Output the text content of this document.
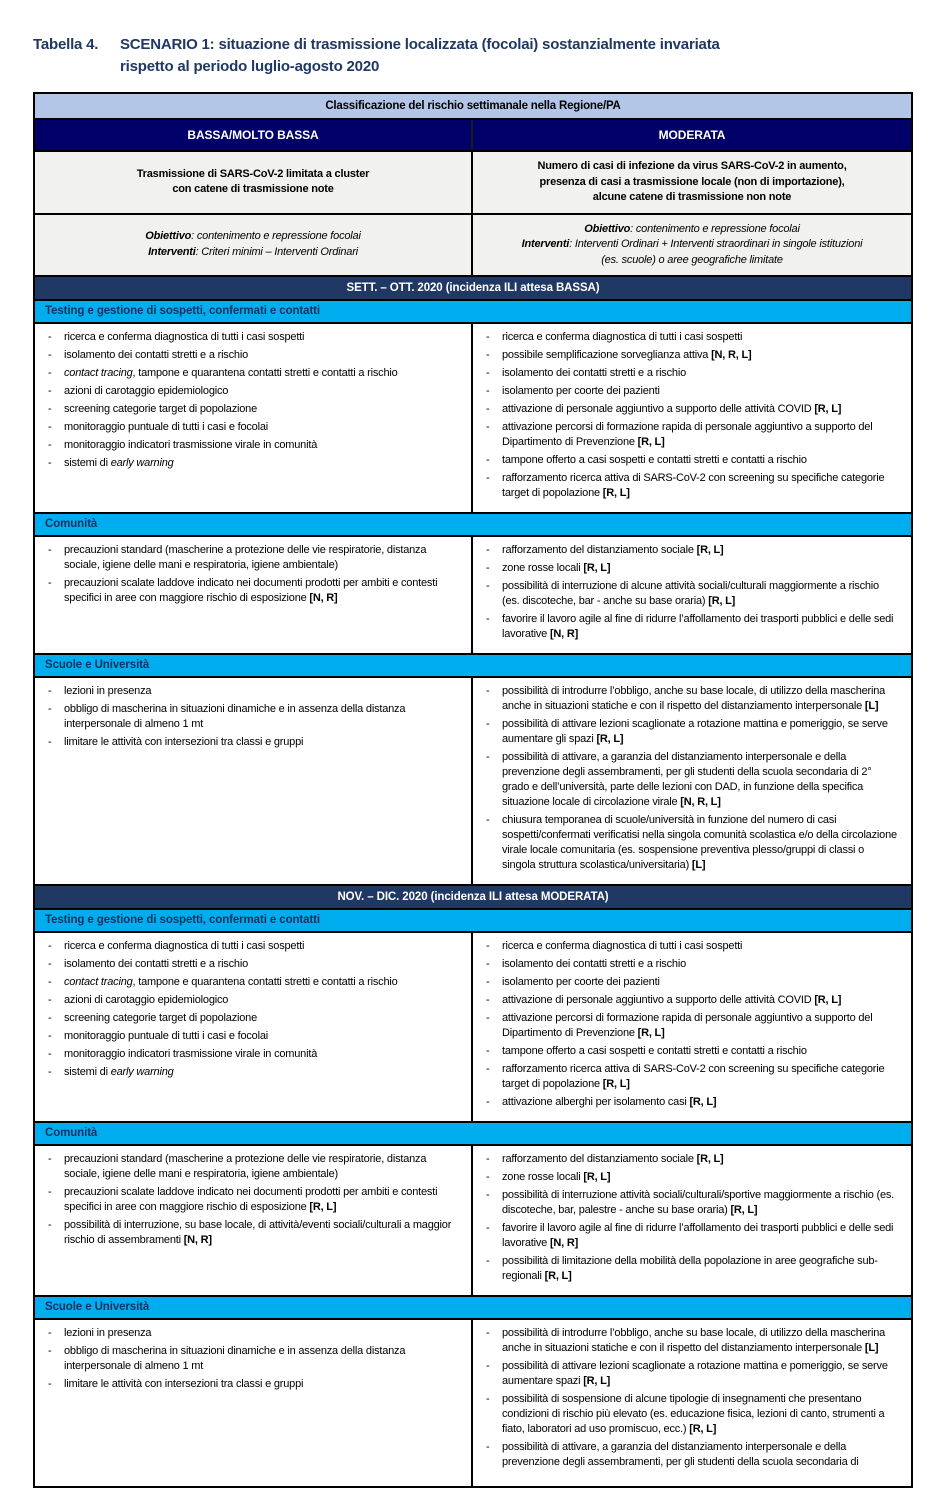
Tabella 4.	SCENARIO 1: situazione di trasmissione localizzata (focolai) sostanzialmente invariata
rispetto al periodo luglio-agosto 2020
Classificazione del rischio settimanale nella Regione/PA
BASSA/MOLTO BASSA	MODERATA
Trasmissione di SARS-CoV-2 limitata a cluster
con catene di trasmissione note
Numero di casi di infezione da virus SARS-CoV-2 in aumento,
presenza di casi a trasmissione locale (non di importazione),
alcune catene di trasmissione non note
Obiettivo: contenimento e repressione focolai
Interventi: Criteri minimi – Interventi Ordinari
Obiettivo: contenimento e repressione focolai
Interventi: Interventi Ordinari + Interventi straordinari in singole istituzioni
(es. scuole) o aree geografiche limitate
SETT. – OTT. 2020 (incidenza ILI attesa BASSA)
Testing e gestione di sospetti, confermati e contatti
- ricerca e conferma diagnostica di tutti i casi sospetti
- isolamento dei contatti stretti e a rischio
- contact tracing, tampone e quarantena contatti stretti e contatti a rischio
- azioni di carotaggio epidemiologico
- screening categorie target di popolazione
- monitoraggio puntuale di tutti i casi e focolai
- monitoraggio indicatori trasmissione virale in comunità
- sistemi di early warning
- ricerca e conferma diagnostica di tutti i casi sospetti
- possibile semplificazione sorveglianza attiva [N, R, L]
- isolamento dei contatti stretti e a rischio
- isolamento per coorte dei pazienti
- attivazione di personale aggiuntivo a supporto delle attività COVID [R, L]
- attivazione percorsi di formazione rapida di personale aggiuntivo a supporto del Dipartimento di Prevenzione [R, L]
- tampone offerto a casi sospetti e contatti stretti e contatti a rischio
- rafforzamento ricerca attiva di SARS-CoV-2 con screening su specifiche categorie target di popolazione [R, L]
Comunità
- precauzioni standard (mascherine a protezione delle vie respiratorie, distanza sociale, igiene delle mani e respiratoria, igiene ambientale)
- precauzioni scalate laddove indicato nei documenti prodotti per ambiti e contesti specifici in aree con maggiore rischio di esposizione [N, R]
- rafforzamento del distanziamento sociale [R, L]
- zone rosse locali [R, L]
- possibilità di interruzione di alcune attività sociali/culturali maggiormente a rischio (es. discoteche, bar - anche su base oraria) [R, L]
- favorire il lavoro agile al fine di ridurre l’affollamento dei trasporti pubblici e delle sedi lavorative [N, R]
Scuole e Università
- lezioni in presenza
- obbligo di mascherina in situazioni dinamiche e in assenza della distanza interpersonale di almeno 1 mt
- limitare le attività con intersezioni tra classi e gruppi
- possibilità di introdurre l’obbligo, anche su base locale, di utilizzo della mascherina anche in situazioni statiche e con il rispetto del distanziamento interpersonale [L]
- possibilità di attivare lezioni scaglionate a rotazione mattina e pomeriggio, se serve aumentare gli spazi [R, L]
- possibilità di attivare, a garanzia del distanziamento interpersonale e della prevenzione degli assembramenti, per gli studenti della scuola secondaria di 2° grado e dell’università, parte delle lezioni con DAD, in funzione della specifica situazione locale di circolazione virale [N, R, L]
- chiusura temporanea di scuole/università in funzione del numero di casi sospetti/confermati verificatisi nella singola comunità scolastica e/o della circolazione virale locale comunitaria (es. sospensione preventiva plesso/gruppi di classi o singola struttura scolastica/universitaria) [L]
NOV. – DIC. 2020 (incidenza ILI attesa MODERATA)
Testing e gestione di sospetti, confermati e contatti
- ricerca e conferma diagnostica di tutti i casi sospetti
- isolamento dei contatti stretti e a rischio
- contact tracing, tampone e quarantena contatti stretti e contatti a rischio
- azioni di carotaggio epidemiologico
- screening categorie target di popolazione
- monitoraggio puntuale di tutti i casi e focolai
- monitoraggio indicatori trasmissione virale in comunità
- sistemi di early warning
- ricerca e conferma diagnostica di tutti i casi sospetti
- isolamento dei contatti stretti e a rischio
- isolamento per coorte dei pazienti
- attivazione di personale aggiuntivo a supporto delle attività COVID [R, L]
- attivazione percorsi di formazione rapida di personale aggiuntivo a supporto del Dipartimento di Prevenzione [R, L]
- tampone offerto a casi sospetti e contatti stretti e contatti a rischio
- rafforzamento ricerca attiva di SARS-CoV-2 con screening su specifiche categorie target di popolazione [R, L]
- attivazione alberghi per isolamento casi [R, L]
Comunità
- precauzioni standard (mascherine a protezione delle vie respiratorie, distanza sociale, igiene delle mani e respiratoria, igiene ambientale)
- precauzioni scalate laddove indicato nei documenti prodotti per ambiti e contesti specifici in aree con maggiore rischio di esposizione [R, L]
- possibilità di interruzione, su base locale, di attività/eventi sociali/culturali a maggior rischio di assembramenti [N, R]
- rafforzamento del distanziamento sociale [R, L]
- zone rosse locali [R, L]
- possibilità di interruzione attività sociali/culturali/sportive maggiormente a rischio (es. discoteche, bar, palestre - anche su base oraria) [R, L]
- favorire il lavoro agile al fine di ridurre l’affollamento dei trasporti pubblici e delle sedi lavorative [N, R]
- possibilità di limitazione della mobilità della popolazione in aree geografiche sub-regionali [R, L]
Scuole e Università
- lezioni in presenza
- obbligo di mascherina in situazioni dinamiche e in assenza della distanza interpersonale di almeno 1 mt
- limitare le attività con intersezioni tra classi e gruppi
- possibilità di introdurre l’obbligo, anche su base locale, di utilizzo della mascherina anche in situazioni statiche e con il rispetto del distanziamento interpersonale [L]
- possibilità di attivare lezioni scaglionate a rotazione mattina e pomeriggio, se serve aumentare spazi [R, L]
- possibilità di sospensione di alcune tipologie di insegnamenti che presentano condizioni di rischio più elevato (es. educazione fisica, lezioni di canto, strumenti a fiato, laboratori ad uso promiscuo, ecc.) [R, L]
- possibilità di attivare, a garanzia del distanziamento interpersonale e della prevenzione degli assembramenti, per gli studenti della scuola secondaria di
